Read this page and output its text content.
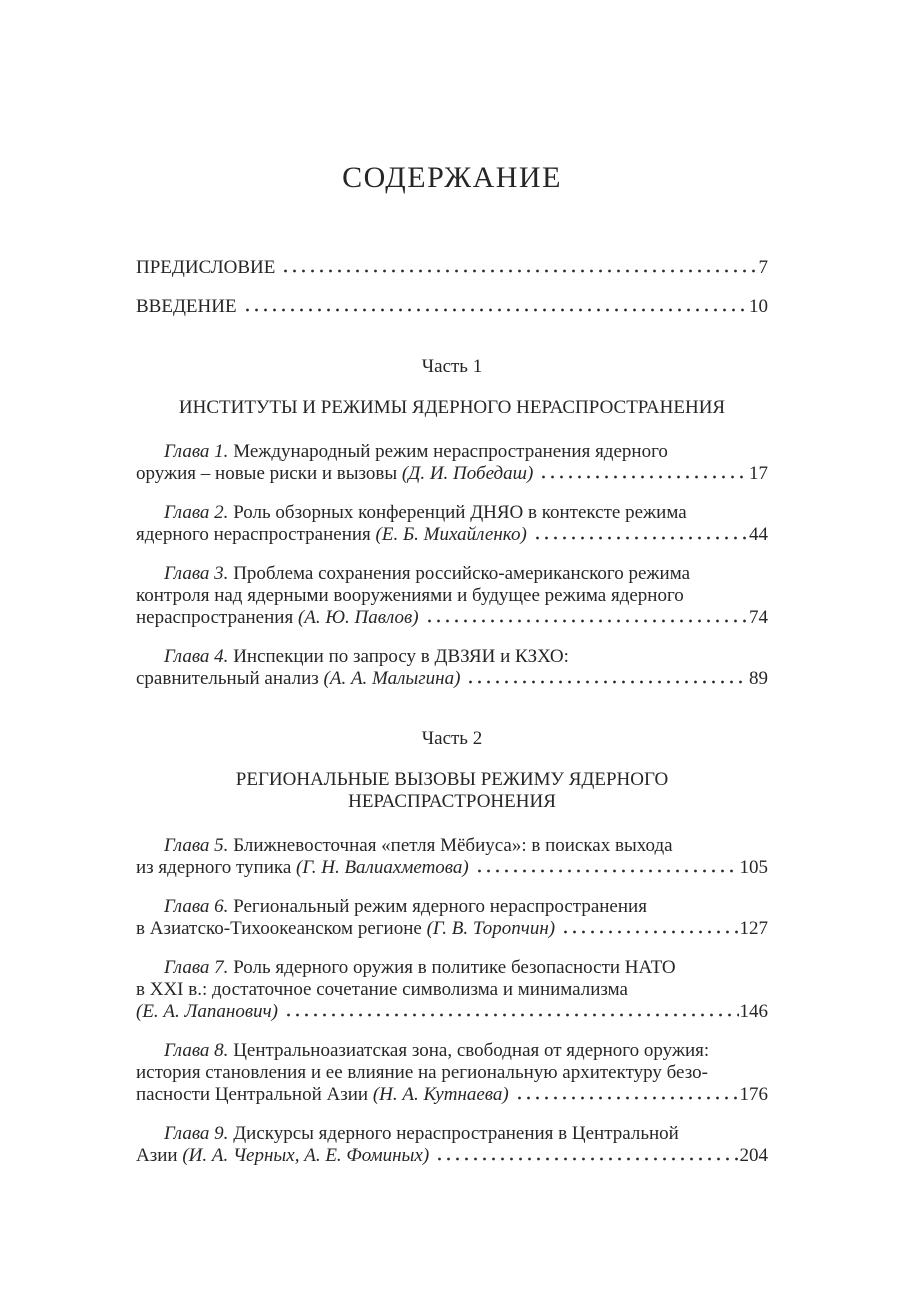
СОДЕРЖАНИЕ

ПРЕДИСЛОВИЕ	7

ВВЕДЕНИЕ	10

Часть 1

ИНСТИТУТЫ И РЕЖИМЫ ЯДЕРНОГО НЕРАСПРОСТРАНЕНИЯ

Глава 1. Международный режим нераспространения ядерного

оружия – новые риски и вызовы (Д. И. Победаш)	17

Глава 2. Роль обзорных конференций ДНЯО в контексте режима

ядерного нераспространения (Е. Б. Михайленко)	44

Глава 3. Проблема сохранения российско-американского режима

контроля над ядерными вооружениями и будущее режима ядерного

нераспространения (А. Ю. Павлов)	74

Глава 4. Инспекции по запросу в ДВЗЯИ и КЗХО:

сравнительный анализ (А. А. Малыгина)	89

Часть 2

РЕГИОНАЛЬНЫЕ ВЫЗОВЫ РЕЖИМУ ЯДЕРНОГО
НЕРАСПРАСТРОНЕНИЯ

Глава 5. Ближневосточная «петля Мёбиуса»: в поисках выхода

из ядерного тупика (Г. Н. Валиахметова)	105

Глава 6. Региональный режим ядерного нераспространения

в Азиатско-Тихоокеанском регионе (Г. В. Торопчин)	127

Глава 7. Роль ядерного оружия в политике безопасности НАТО

в XXI в.: достаточное сочетание символизма и минимализма

(Е. А. Лапанович)	146

Глава 8. Центральноазиатская зона, свободная от ядерного оружия:

история становления и ее влияние на региональную архитектуру безо-

пасности Центральной Азии (Н. А. Кутнаева)	176

Глава 9. Дискурсы ядерного нераспространения в Центральной

Азии (И. А. Черных, А. Е. Фоминых)	204
